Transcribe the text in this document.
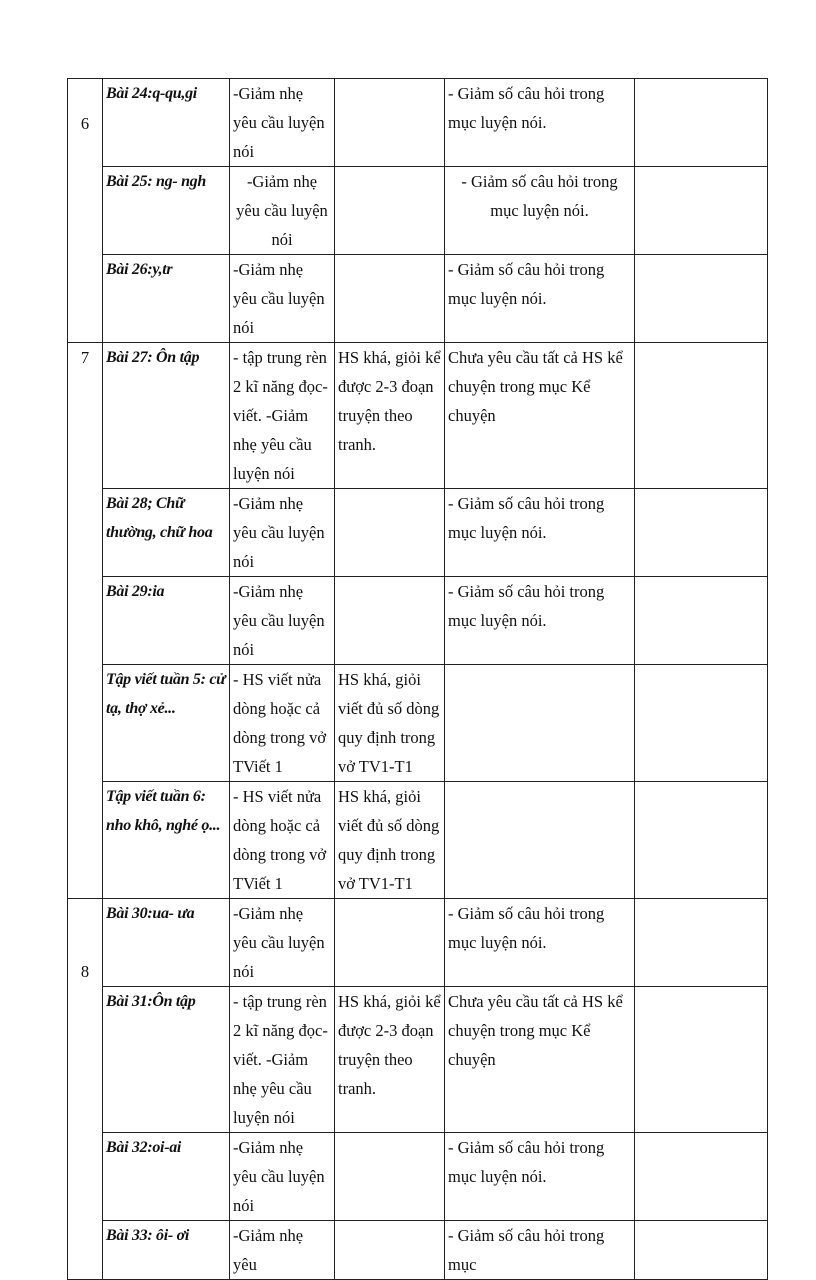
6	Bài 24:q-qu,gi	-Giảm nhẹ yêu cầu luyện nói		- Giảm số câu hỏi trong mục luyện nói.	
	Bài 25: ng- ngh	-Giảm nhẹ yêu cầu luyện nói		- Giảm số câu hỏi trong mục luyện nói.	
	Bài 26:y,tr	-Giảm nhẹ yêu cầu luyện nói		- Giảm số câu hỏi trong mục luyện nói.	
7	Bài 27: Ôn tập	- tập trung rèn 2 kĩ năng đọc-viết. -Giảm nhẹ yêu cầu luyện nói	HS khá, giỏi kể được 2-3 đoạn truyện theo tranh.	Chưa yêu cầu tất cả HS kể chuyện trong mục Kể chuyện	
	Bài 28; Chữ thường, chữ hoa	-Giảm nhẹ yêu cầu luyện nói		- Giảm số câu hỏi trong mục luyện nói.	
	Bài 29:ia	-Giảm nhẹ yêu cầu luyện nói		- Giảm số câu hỏi trong mục luyện nói.	
	Tập viết tuần 5: cử tạ, thợ xẻ...	- HS viết nửa dòng hoặc cả dòng trong vở TViết 1	HS khá, giỏi viết đủ số dòng quy định trong vở TV1-T1		
	Tập viết tuần 6: nho khô, nghé ọ...	- HS viết nửa dòng hoặc cả dòng trong vở TViết 1	HS khá, giỏi viết đủ số dòng quy định trong vở TV1-T1		

8	Bài 30:ua- ưa	-Giảm nhẹ yêu cầu luyện nói		- Giảm số câu hỏi trong mục luyện nói.	
	Bài 31:Ôn tập	- tập trung rèn 2 kĩ năng đọc-viết. -Giảm nhẹ yêu cầu luyện nói	HS khá, giỏi kể được 2-3 đoạn truyện theo tranh.	Chưa yêu cầu tất cả HS kể chuyện trong mục Kể chuyện	
	Bài 32:oi-ai	-Giảm nhẹ yêu cầu luyện nói		- Giảm số câu hỏi trong mục luyện nói.	
	Bài 33: ôi- ơi	-Giảm nhẹ yêu		- Giảm số câu hỏi trong mục	
